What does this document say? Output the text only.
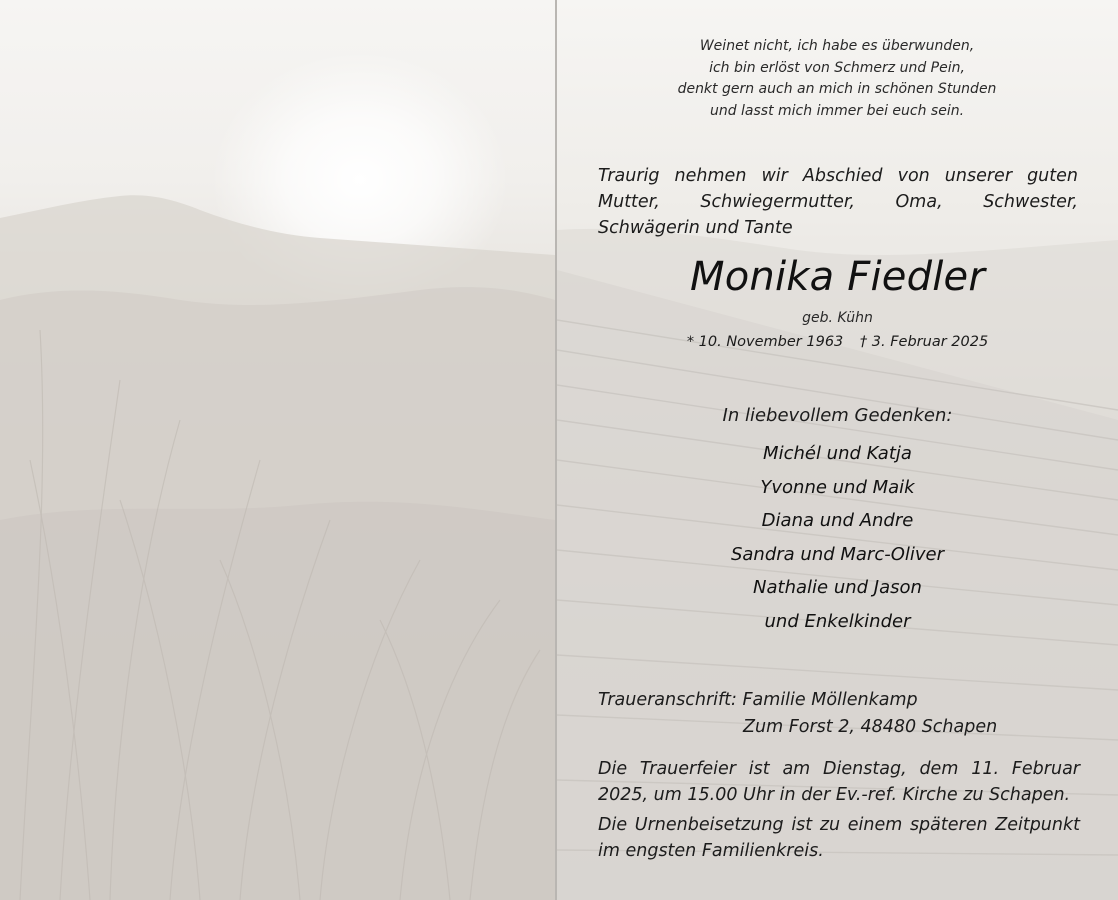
Weinet nicht, ich habe es überwunden,
ich bin erlöst von Schmerz und Pein,
denkt gern auch an mich in schönen Stunden
und lasst mich immer bei euch sein.
Traurig nehmen wir Abschied von unserer guten Mutter, Schwiegermutter, Oma, Schwester, Schwägerin und Tante
Monika Fiedler
geb. Kühn
* 10. November 1963 † 3. Februar 2025
In liebevollem Gedenken:
Michél und Katja
Yvonne und Maik
Diana und Andre
Sandra und Marc-Oliver
Nathalie und Jason
und Enkelkinder
Traueranschrift: Familie Möllenkamp
Zum Forst 2, 48480 Schapen
Die Trauerfeier ist am Dienstag, dem 11. Februar 2025, um 15.00 Uhr in der Ev.-ref. Kirche zu Schapen.
Die Urnenbeisetzung ist zu einem späteren Zeitpunkt im engsten Familienkreis.
